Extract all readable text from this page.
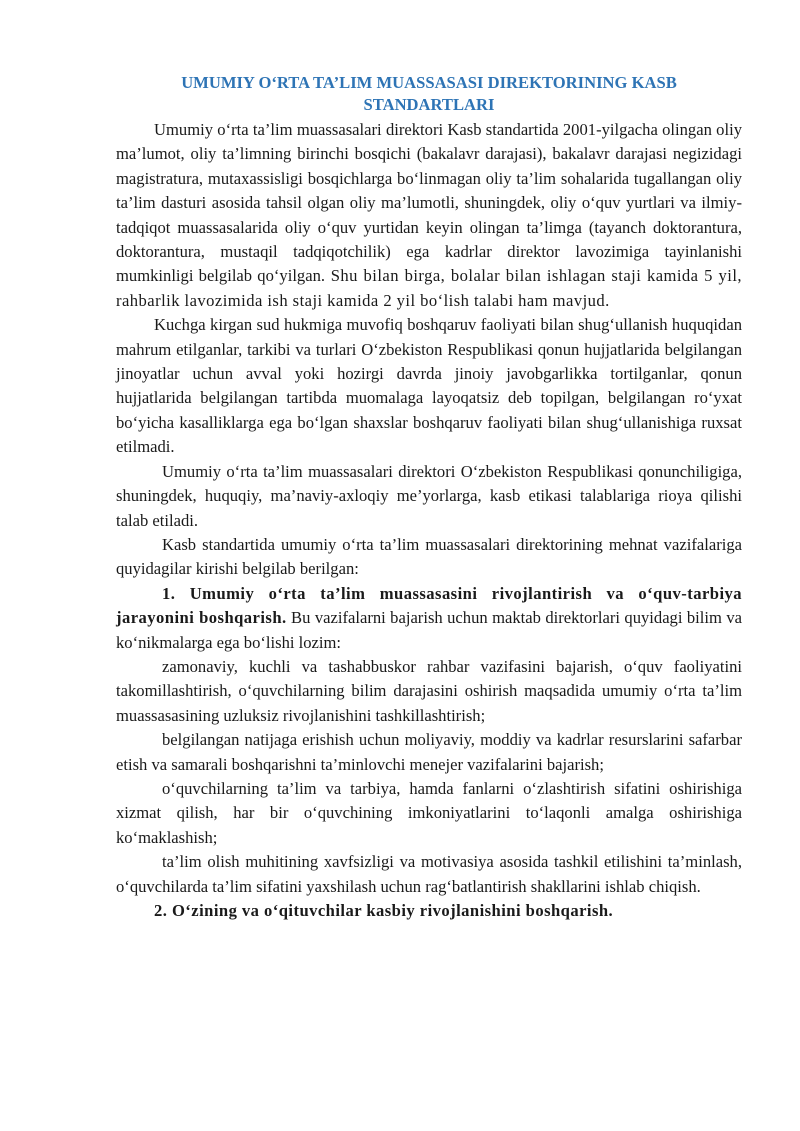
UMUMIY O‘RTA TA’LIM MUASSASASI DIREKTORINING KASB STANDARTLARI

Umumiy o‘rta ta’lim muassasalari direktori Kasb standartida 2001-yilgacha olingan oliy ma’lumot, oliy ta’limning birinchi bosqichi (bakalavr darajasi), bakalavr darajasi negizidagi magistratura, mutaxassisligi bosqichlarga bo‘linmagan oliy ta’lim sohalarida tugallangan oliy ta’lim dasturi asosida tahsil olgan oliy ma’lumotli, shuningdek, oliy o‘quv yurtlari va ilmiy-tadqiqot muassasalarida oliy o‘quv yurtidan keyin olingan ta’limga (tayanch doktorantura, doktorantura, mustaqil tadqiqotchilik) ega kadrlar direktor lavozimiga tayinlanishi mumkinligi belgilab qo‘yilgan. Shu bilan birga, bolalar bilan ishlagan staji kamida 5 yil, rahbarlik lavozimida ish staji kamida 2 yil bo‘lish talabi ham mavjud.

Kuchga kirgan sud hukmiga muvofiq boshqaruv faoliyati bilan shug‘ullanish huquqidan mahrum etilganlar, tarkibi va turlari O‘zbekiston Respublikasi qonun hujjatlarida belgilangan jinoyatlar uchun avval yoki hozirgi davrda jinoiy javobgarlikka tortilganlar, qonun hujjatlarida belgilangan tartibda muomalaga layoqatsiz deb topilgan, belgilangan ro‘yxat bo‘yicha kasalliklarga ega bo‘lgan shaxslar boshqaruv faoliyati bilan shug‘ullanishiga ruxsat etilmadi.

Umumiy o‘rta ta’lim muassasalari direktori O‘zbekiston Respublikasi qonunchiligiga, shuningdek, huquqiy, ma’naviy-axloqiy me’yorlarga, kasb etikasi talablariga rioya qilishi talab etiladi.

Kasb standartida umumiy o‘rta ta’lim muassasalari direktorining mehnat vazifalariga quyidagilar kirishi belgilab berilgan:

1. Umumiy o‘rta ta’lim muassasasini rivojlantirish va o‘quv-tarbiya jarayonini boshqarish. Bu vazifalarni bajarish uchun maktab direktorlari quyidagi bilim va ko‘nikmalarga ega bo‘lishi lozim:

zamonaviy, kuchli va tashabbuskor rahbar vazifasini bajarish, o‘quv faoliyatini takomillashtirish, o‘quvchilarning bilim darajasini oshirish maqsadida umumiy o‘rta ta’lim muassasasining uzluksiz rivojlanishini tashkillashtirish;

belgilangan natijaga erishish uchun moliyaviy, moddiy va kadrlar resurslarini safarbar etish va samarali boshqarishni ta’minlovchi menejer vazifalarini bajarish;

o‘quvchilarning ta’lim va tarbiya, hamda fanlarni o‘zlashtirish sifatini oshirishiga xizmat qilish, har bir o‘quvchining imkoniyatlarini to‘laqonli amalga oshirishiga ko‘maklashish;

ta’lim olish muhitining xavfsizligi va motivasiya asosida tashkil etilishini ta’minlash, o‘quvchilarda ta’lim sifatini yaxshilash uchun rag‘batlantirish shakllarini ishlab chiqish.

2. O‘zining va o‘qituvchilar kasbiy rivojlanishini boshqarish.
